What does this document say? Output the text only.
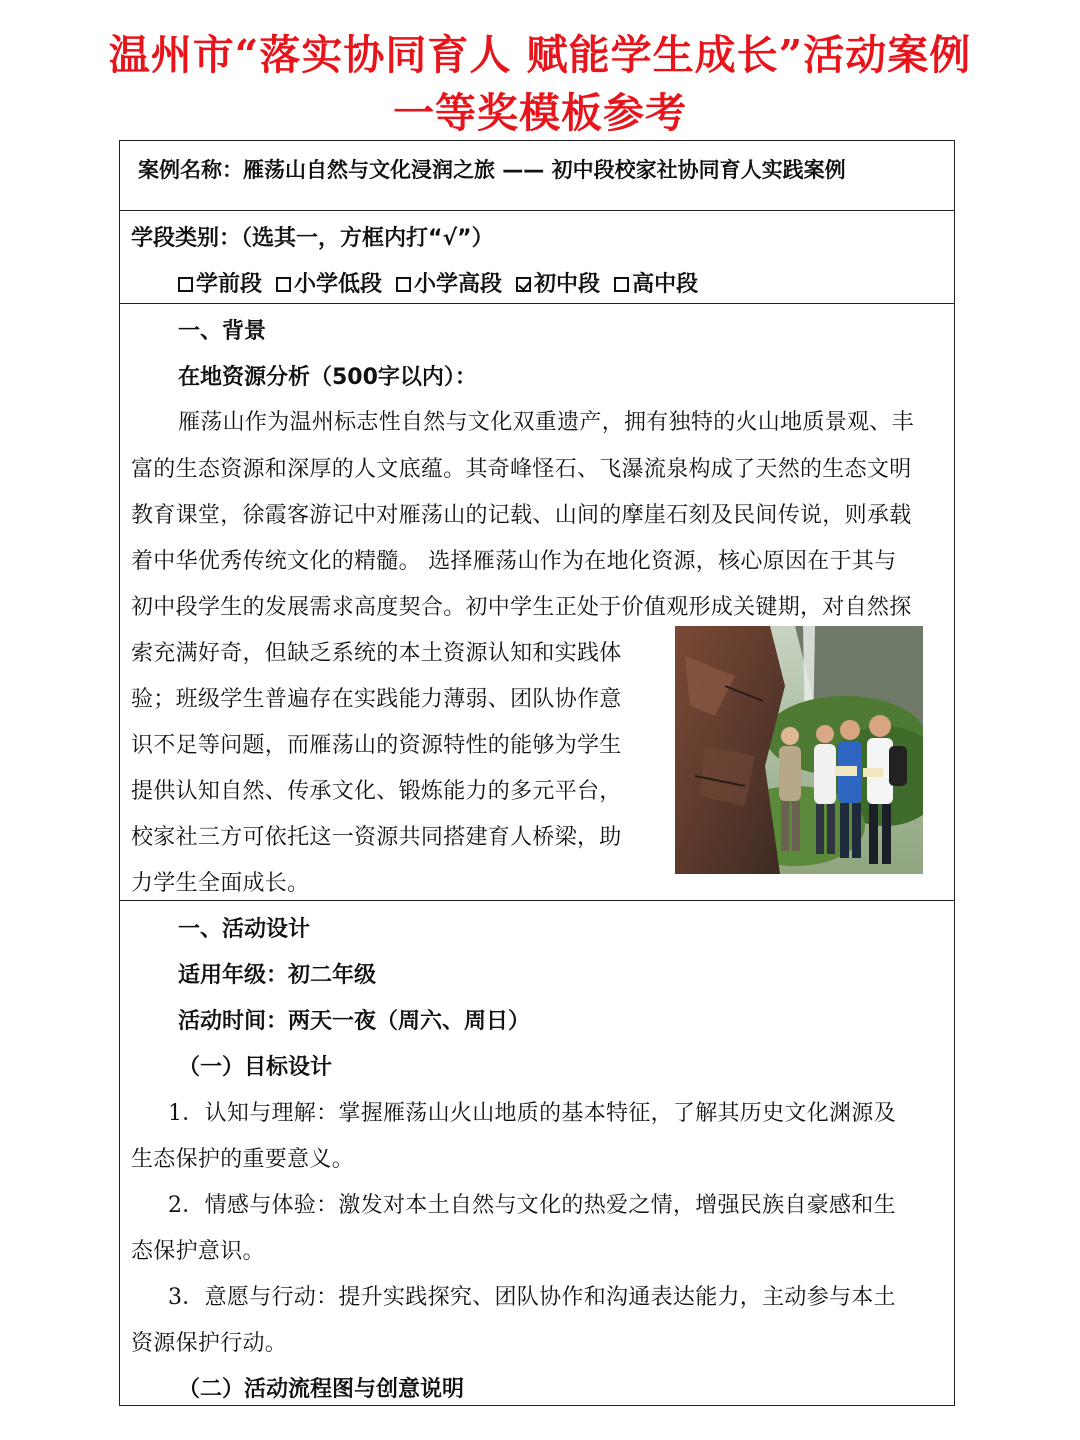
温州市“落实协同育人 赋能学生成长”活动案例
一等奖模板参考
案例名称：雁荡山自然与文化浸润之旅 —— 初中段校家社协同育人实践案例
学段类别：（选其一，方框内打“√”）
学前段 小学低段 小学高段 初中段 高中段
一、背景
在地资源分析（500字以内）：
雁荡山作为温州标志性自然与文化双重遗产，拥有独特的火山地质景观、丰
富的生态资源和深厚的人文底蕴。其奇峰怪石、飞瀑流泉构成了天然的生态文明
教育课堂，徐霞客游记中对雁荡山的记载、山间的摩崖石刻及民间传说，则承载
着中华优秀传统文化的精髓。 选择雁荡山作为在地化资源，核心原因在于其与
初中段学生的发展需求高度契合。初中学生正处于价值观形成关键期，对自然探
索充满好奇，但缺乏系统的本土资源认知和实践体
验；班级学生普遍存在实践能力薄弱、团队协作意
识不足等问题，而雁荡山的资源特性的能够为学生
提供认知自然、传承文化、锻炼能力的多元平台，
校家社三方可依托这一资源共同搭建育人桥梁，助
力学生全面成长。
一、活动设计
适用年级：初二年级
活动时间：两天一夜（周六、周日）
（一）目标设计
1．认知与理解：掌握雁荡山火山地质的基本特征，了解其历史文化渊源及
生态保护的重要意义。
2．情感与体验：激发对本土自然与文化的热爱之情，增强民族自豪感和生
态保护意识。
3．意愿与行动：提升实践探究、团队协作和沟通表达能力，主动参与本土
资源保护行动。
（二）活动流程图与创意说明
